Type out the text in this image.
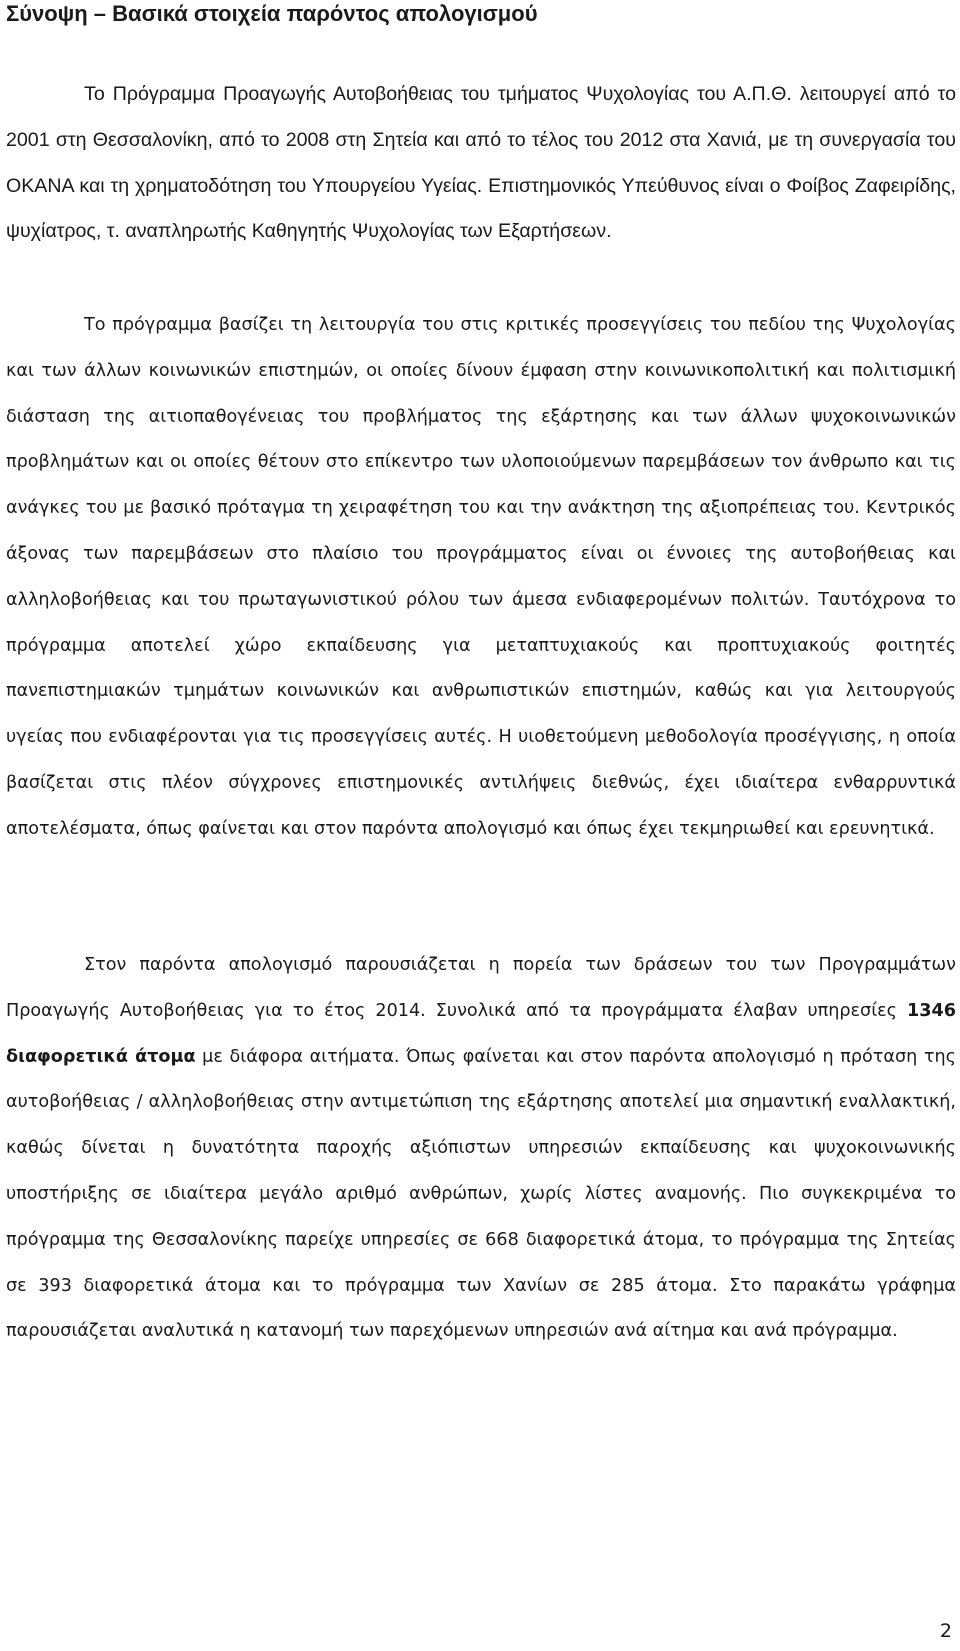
Σύνοψη – Βασικά στοιχεία παρόντος απολογισμού

Το Πρόγραμμα Προαγωγής Αυτοβοήθειας του τμήματος Ψυχολογίας του Α.Π.Θ. λειτουργεί από το 2001 στη Θεσσαλονίκη, από το 2008 στη Σητεία και από το τέλος του 2012 στα Χανιά, με τη συνεργασία του ΟΚΑΝΑ και τη χρηματοδότηση του Υπουργείου Υγείας. Επιστημονικός Υπεύθυνος είναι ο Φοίβος Ζαφειρίδης, ψυχίατρος, τ. αναπληρωτής Καθηγητής Ψυχολογίας των Εξαρτήσεων.

Το πρόγραμμα βασίζει τη λειτουργία του στις κριτικές προσεγγίσεις του πεδίου της Ψυχολογίας και των άλλων κοινωνικών επιστημών, οι οποίες δίνουν έμφαση στην κοινωνικοπολιτική και πολιτισμική διάσταση της αιτιοπαθογένειας του προβλήματος της εξάρτησης και των άλλων ψυχοκοινωνικών προβλημάτων και οι οποίες θέτουν στο επίκεντρο των υλοποιούμενων παρεμβάσεων τον άνθρωπο και τις ανάγκες του με βασικό πρόταγμα τη χειραφέτηση του και την ανάκτηση της αξιοπρέπειας του. Κεντρικός άξονας των παρεμβάσεων στο πλαίσιο του προγράμματος είναι οι έννοιες της αυτοβοήθειας και αλληλοβοήθειας και του πρωταγωνιστικού ρόλου των άμεσα ενδιαφερομένων πολιτών. Ταυτόχρονα το πρόγραμμα αποτελεί χώρο εκπαίδευσης για μεταπτυχιακούς και προπτυχιακούς φοιτητές πανεπιστημιακών τμημάτων κοινωνικών και ανθρωπιστικών επιστημών, καθώς και για λειτουργούς υγείας που ενδιαφέρονται για τις προσεγγίσεις αυτές. Η υιοθετούμενη μεθοδολογία προσέγγισης, η οποία βασίζεται στις πλέον σύγχρονες επιστημονικές αντιλήψεις διεθνώς, έχει ιδιαίτερα ενθαρρυντικά αποτελέσματα, όπως φαίνεται και στον παρόντα απολογισμό και όπως έχει τεκμηριωθεί και ερευνητικά.

Στον παρόντα απολογισμό παρουσιάζεται η πορεία των δράσεων του των Προγραμμάτων Προαγωγής Αυτοβοήθειας για το έτος 2014. Συνολικά από τα προγράμματα έλαβαν υπηρεσίες 1346 διαφορετικά άτομα με διάφορα αιτήματα. Όπως φαίνεται και στον παρόντα απολογισμό η πρόταση της αυτοβοήθειας / αλληλοβοήθειας στην αντιμετώπιση της εξάρτησης αποτελεί μια σημαντική εναλλακτική, καθώς δίνεται η δυνατότητα παροχής αξιόπιστων υπηρεσιών εκπαίδευσης και ψυχοκοινωνικής υποστήριξης σε ιδιαίτερα μεγάλο αριθμό ανθρώπων, χωρίς λίστες αναμονής. Πιο συγκεκριμένα το πρόγραμμα της Θεσσαλονίκης παρείχε υπηρεσίες σε 668 διαφορετικά άτομα, το πρόγραμμα της Σητείας σε 393 διαφορετικά άτομα και το πρόγραμμα των Χανίων σε 285 άτομα. Στο παρακάτω γράφημα παρουσιάζεται αναλυτικά η κατανομή των παρεχόμενων υπηρεσιών ανά αίτημα και ανά πρόγραμμα.

2
